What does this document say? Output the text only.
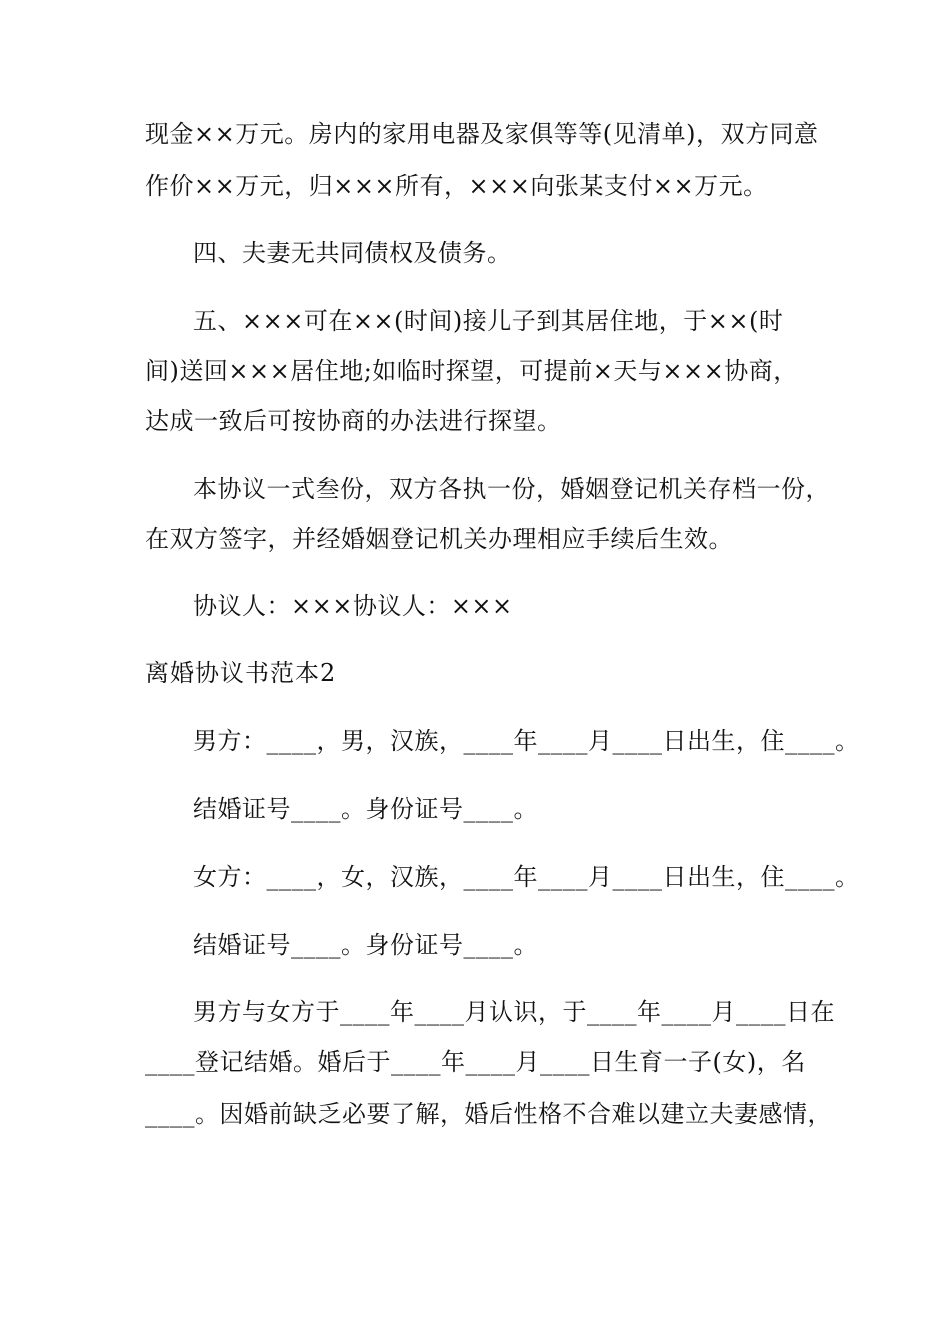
现金××万元。房内的家用电器及家俱等等(见清单)，双方同意
作价××万元，归×××所有，×××向张某支付××万元。
四、夫妻无共同债权及债务。
五、×××可在××(时间)接儿子到其居住地，于××(时
间)送回×××居住地;如临时探望，可提前×天与×××协商，
达成一致后可按协商的办法进行探望。
本协议一式叁份，双方各执一份，婚姻登记机关存档一份，
在双方签字，并经婚姻登记机关办理相应手续后生效。
协议人：×××协议人：×××
离婚协议书范本2
男方：____，男，汉族，____年____月____日出生，住____。
结婚证号____。身份证号____。
女方：____，女，汉族，____年____月____日出生，住____。
结婚证号____。身份证号____。
男方与女方于____年____月认识，于____年____月____日在
____登记结婚。婚后于____年____月____日生育一子(女)，名
____。因婚前缺乏必要了解，婚后性格不合难以建立夫妻感情，
